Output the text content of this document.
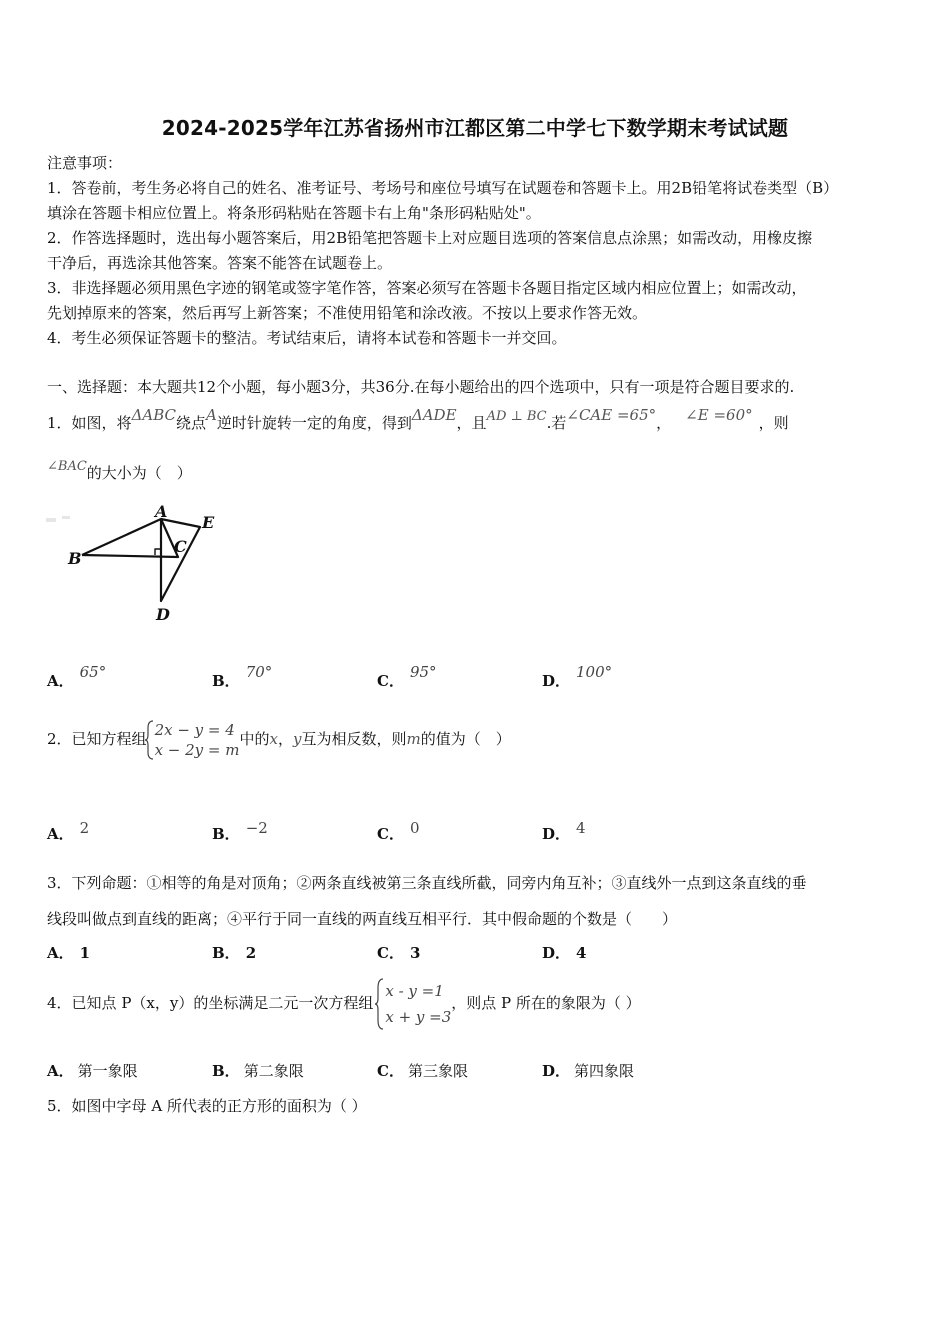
2024-2025学年江苏省扬州市江都区第二中学七下数学期末考试试题
注意事项：
1．答卷前，考生务必将自己的姓名、准考证号、考场号和座位号填写在试题卷和答题卡上。用2B铅笔将试卷类型（B）
填涂在答题卡相应位置上。将条形码粘贴在答题卡右上角"条形码粘贴处"。
2．作答选择题时，选出每小题答案后，用2B铅笔把答题卡上对应题目选项的答案信息点涂黑；如需改动，用橡皮擦
干净后，再选涂其他答案。答案不能答在试题卷上。
3．非选择题必须用黑色字迹的钢笔或签字笔作答，答案必须写在答题卡各题目指定区域内相应位置上；如需改动，
先划掉原来的答案，然后再写上新答案；不准使用铅笔和涂改液。不按以上要求作答无效。
4．考生必须保证答题卡的整洁。考试结束后，请将本试卷和答题卡一并交回。
一、选择题：本大题共12个小题，每小题3分，共36分.在每小题给出的四个选项中，只有一项是符合题目要求的.
1．如图，将ΔABC绕点A逆时针旋转一定的角度，得到ΔADE，且AD ⊥ BC.若∠CAE =65°， ∠E =60° ，则
∠BAC的大小为（　）
A
B
C
D
E
A． 65°	B． 70°	C． 95°	D． 100°
2．已知方程组 2x − y = 4
x − 2y = m
中的x，y互为相反数，则m的值为（　）
A． 2	B． −2	C． 0	D． 4
3．下列命题：①相等的角是对顶角；②两条直线被第三条直线所截，同旁内角互补；③直线外一点到这条直线的垂
线段叫做点到直线的距离；④平行于同一直线的两直线互相平行．其中假命题的个数是（　　）
A． 1	B． 2	C． 3	D． 4
4．已知点 P（x，y）的坐标满足二元一次方程组
x - y =1
x + y =3
，则点 P 所在的象限为（ ）
A． 第一象限	B． 第二象限	C． 第三象限	D． 第四象限
5．如图中字母 A 所代表的正方形的面积为（ ）
